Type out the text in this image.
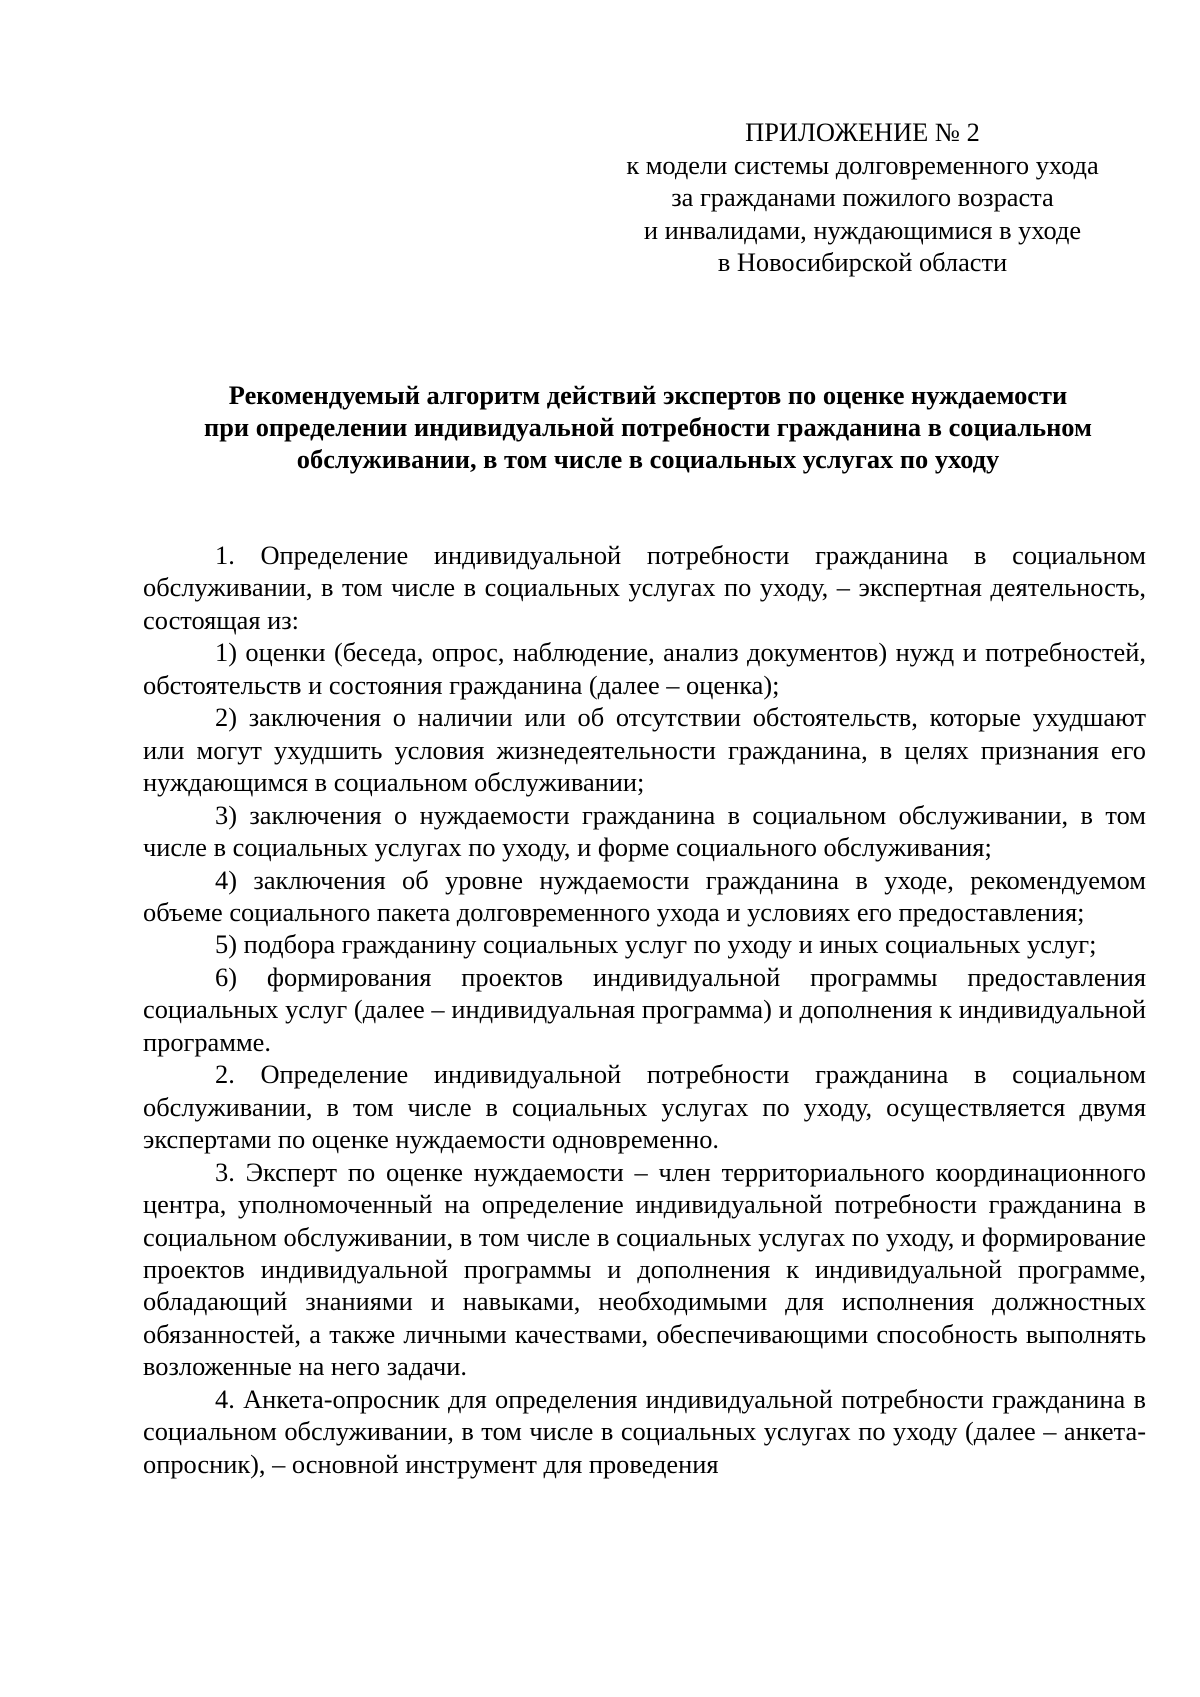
ПРИЛОЖЕНИЕ № 2
к модели системы долговременного ухода
за гражданами пожилого возраста
и инвалидами, нуждающимися в уходе
в Новосибирской области
Рекомендуемый алгоритм действий экспертов по оценке нуждаемости
при определении индивидуальной потребности гражданина в социальном
обслуживании, в том числе в социальных услугах по уходу

1. Определение индивидуальной потребности гражданина в социальном обслуживании, в том числе в социальных услугах по уходу, – экспертная деятельность, состоящая из:

1) оценки (беседа, опрос, наблюдение, анализ документов) нужд и потребностей, обстоятельств и состояния гражданина (далее – оценка);

2) заключения о наличии или об отсутствии обстоятельств, которые ухудшают или могут ухудшить условия жизнедеятельности гражданина, в целях признания его нуждающимся в социальном обслуживании;

3) заключения о нуждаемости гражданина в социальном обслуживании, в том числе в социальных услугах по уходу, и форме социального обслуживания;

4) заключения об уровне нуждаемости гражданина в уходе, рекомендуемом объеме социального пакета долговременного ухода и условиях его предоставления;

5) подбора гражданину социальных услуг по уходу и иных социальных услуг;

6) формирования проектов индивидуальной программы предоставления социальных услуг (далее – индивидуальная программа) и дополнения к индивидуальной программе.

2. Определение индивидуальной потребности гражданина в социальном обслуживании, в том числе в социальных услугах по уходу, осуществляется двумя экспертами по оценке нуждаемости одновременно.

3. Эксперт по оценке нуждаемости – член территориального координационного центра, уполномоченный на определение индивидуальной потребности гражданина в социальном обслуживании, в том числе в социальных услугах по уходу, и формирование проектов индивидуальной программы и дополнения к индивидуальной программе, обладающий знаниями и навыками, необходимыми для исполнения должностных обязанностей, а также личными качествами, обеспечивающими способность выполнять возложенные на него задачи.

4. Анкета-опросник для определения индивидуальной потребности гражданина в социальном обслуживании, в том числе в социальных услугах по уходу (далее – анкета-опросник), – основной инструмент для проведения
